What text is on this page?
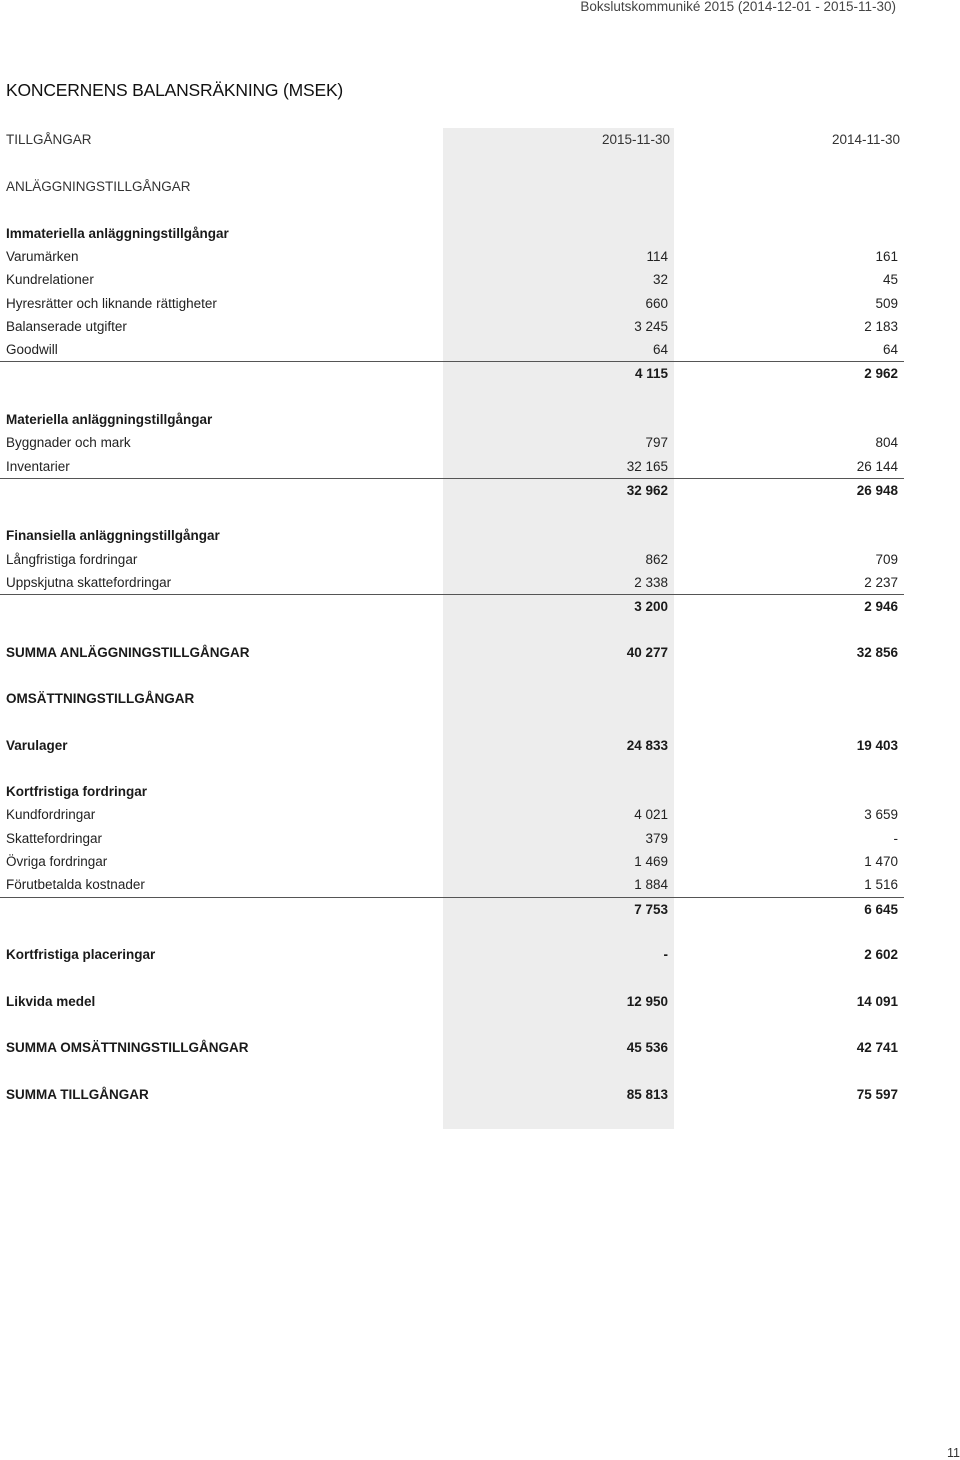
Bokslutskommuniké 2015 (2014-12-01 - 2015-11-30)
KONCERNENS BALANSRÄKNING (MSEK)
TILLGÅNGAR	2015-11-30	2014-11-30
ANLÄGGNINGSTILLGÅNGAR
Immateriella anläggningstillgångar
Varumärken	114	161
Kundrelationer	32	45
Hyresrätter och liknande rättigheter	660	509
Balanserade utgifter	3 245	2 183
Goodwill	64	64
4 115	2 962
Materiella anläggningstillgångar
Byggnader och mark	797	804
Inventarier	32 165	26 144
32 962	26 948
Finansiella anläggningstillgångar
Långfristiga fordringar	862	709
Uppskjutna skattefordringar	2 338	2 237
3 200	2 946
SUMMA ANLÄGGNINGSTILLGÅNGAR	40 277	32 856
OMSÄTTNINGSTILLGÅNGAR
Varulager	24 833	19 403
Kortfristiga fordringar
Kundfordringar	4 021	3 659
Skattefordringar	379	-
Övriga fordringar	1 469	1 470
Förutbetalda kostnader	1 884	1 516
7 753	6 645
Kortfristiga placeringar	-	2 602
Likvida medel	12 950	14 091
SUMMA OMSÄTTNINGSTILLGÅNGAR	45 536	42 741
SUMMA TILLGÅNGAR	85 813	75 597
11
